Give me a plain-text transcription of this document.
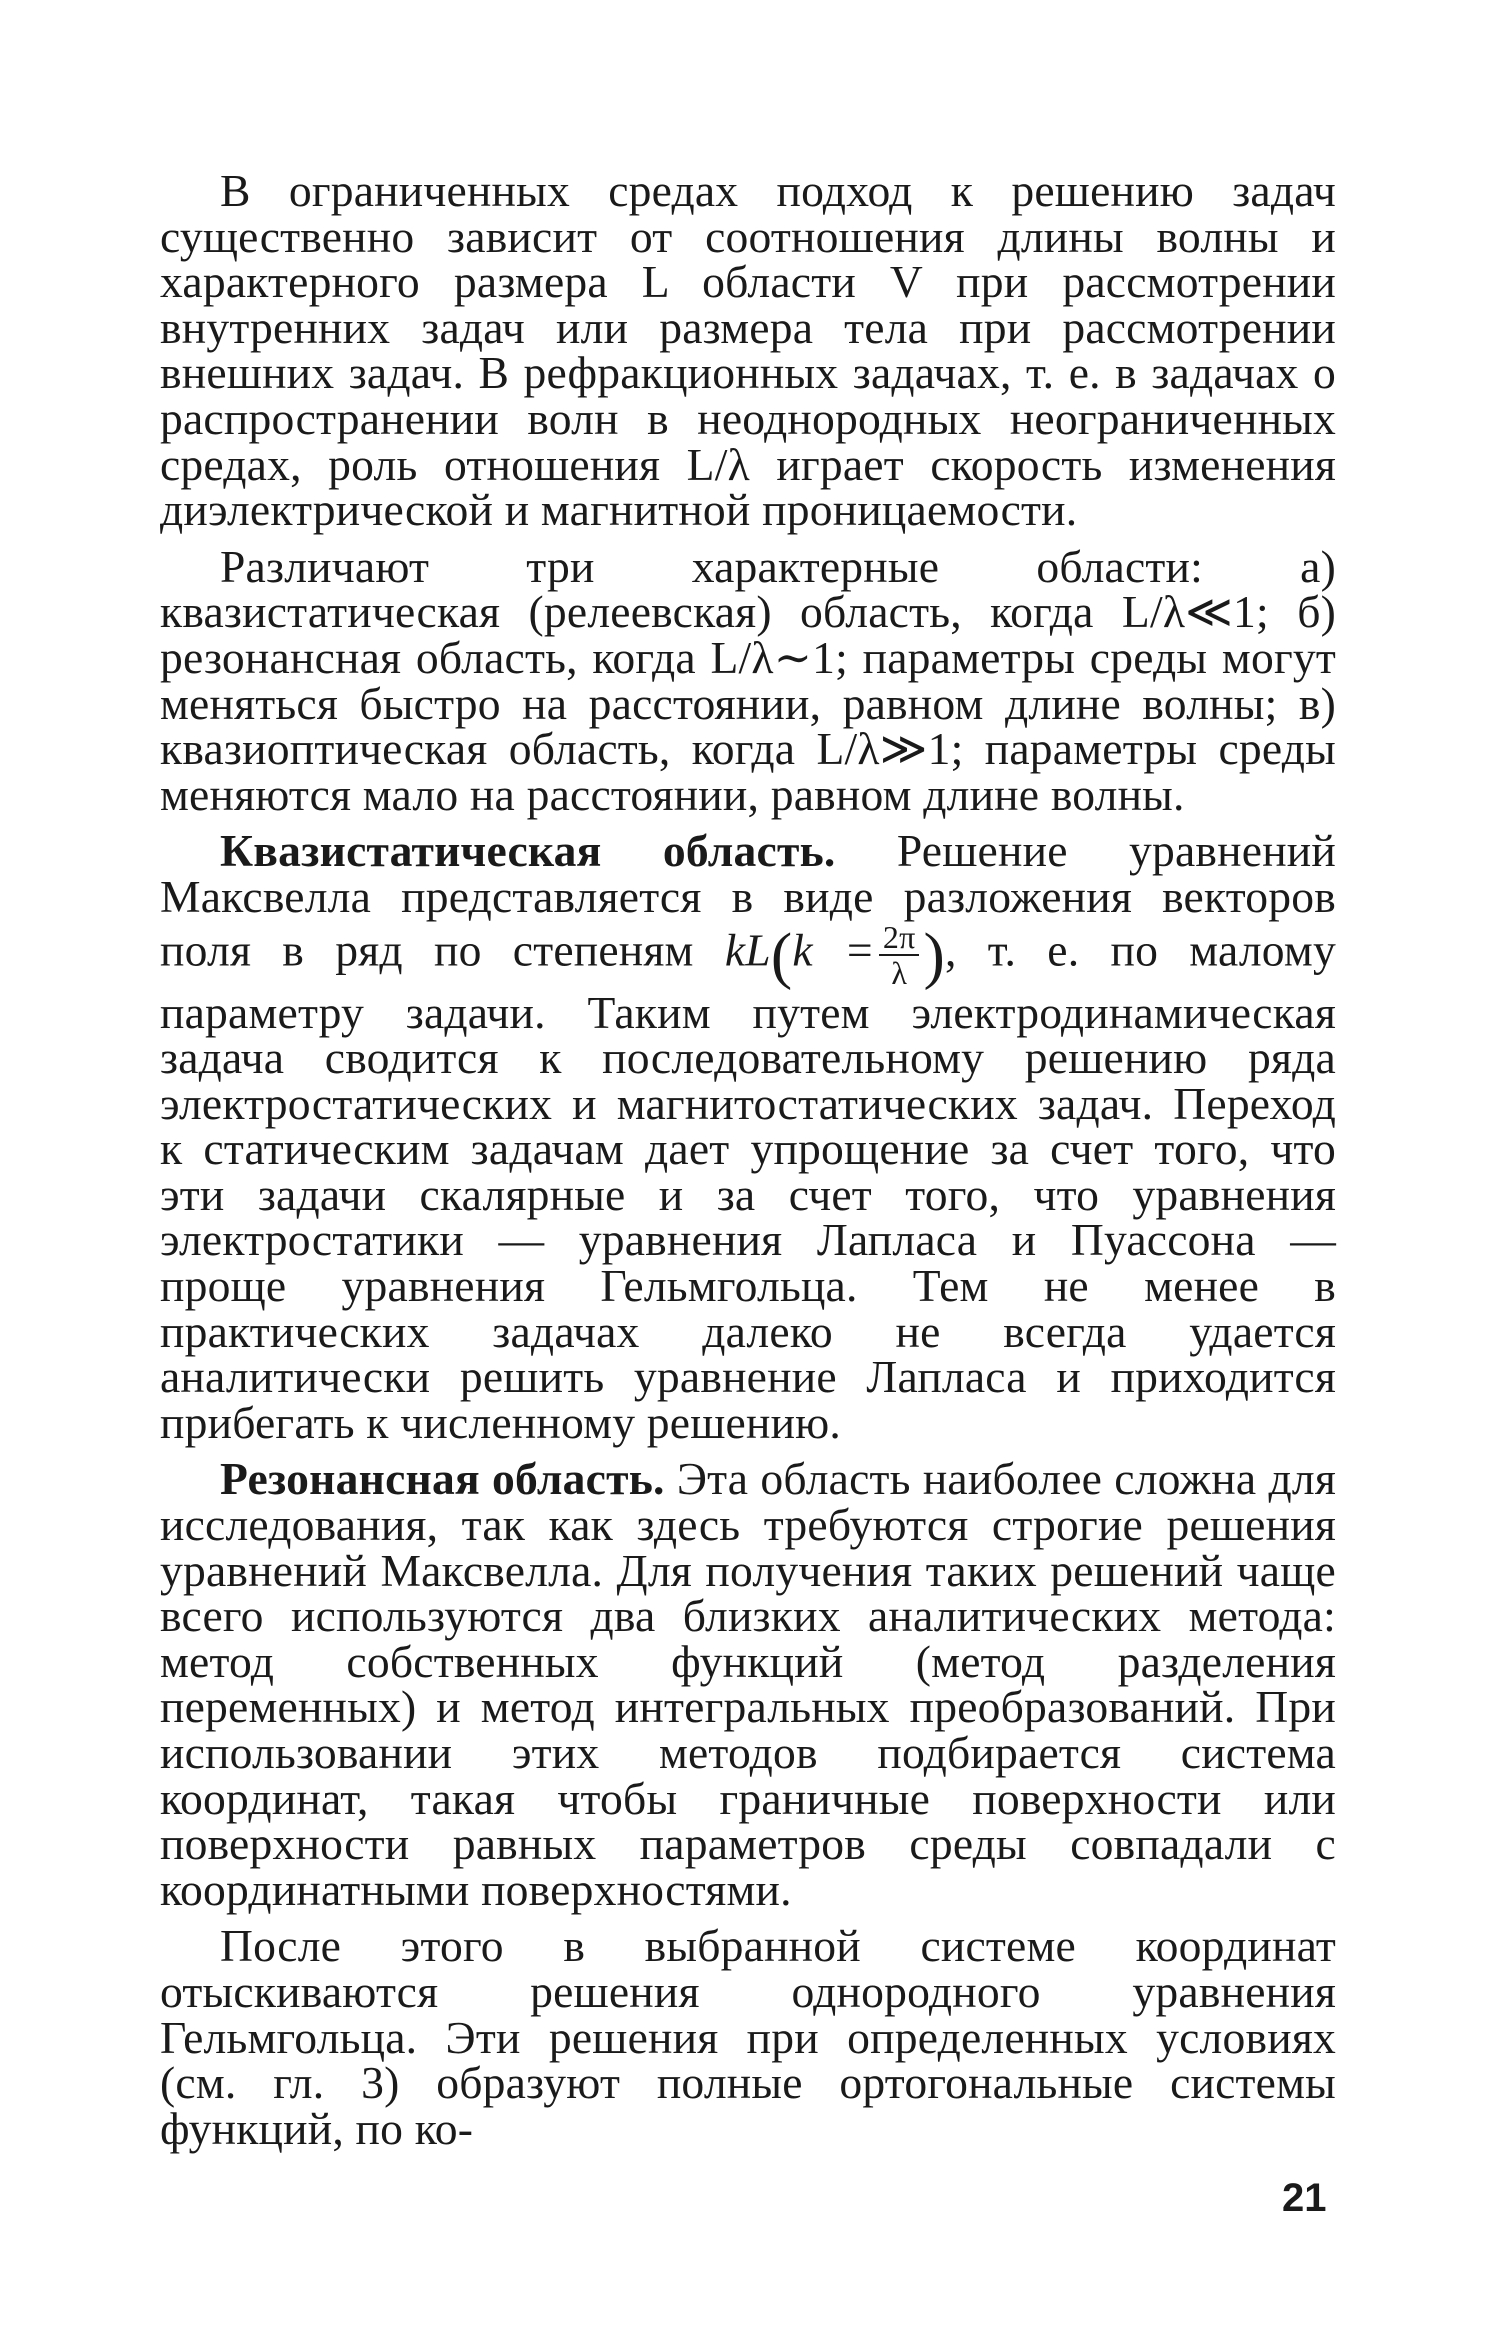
В ограниченных средах подход к решению задач существенно зависит от соотношения длины волны и характерного размера L области V при рассмотрении внутренних задач или размера тела при рассмотрении внешних задач. В рефракционных задачах, т. е. в задачах о распространении волн в неоднородных неограниченных средах, роль отношения L/λ играет скорость изменения диэлектрической и магнитной проницаемости.

Различают три характерные области: а) квазистатическая (релеевская) область, когда L/λ≪1; б) резонансная область, когда L/λ∼1; параметры среды могут меняться быстро на расстоянии, равном длине волны; в) квазиоптическая область, когда L/λ≫1; параметры среды меняются мало на расстоянии, равном длине волны.

Квазистатическая область. Решение уравнений Максвелла представляется в виде разложения векторов поля в ряд по степеням $kL(k = \frac{2\pi}{\lambda}$ ), т. е. по малому параметру задачи. Таким путем электродинамическая задача сводится к последовательному решению ряда электростатических и магнитостатических задач. Переход к статическим задачам дает упрощение за счет того, что эти задачи скалярные и за счет того, что уравнения электростатики — уравнения Лапласа и Пуассона — проще уравнения Гельмгольца. Тем не менее в практических задачах далеко не всегда удается аналитически решить уравнение Лапласа и приходится прибегать к численному решению.

Резонансная область. Эта область наиболее сложна для исследования, так как здесь требуются строгие решения уравнений Максвелла. Для получения таких решений чаще всего используются два близких аналитических метода: метод собственных функций (метод разделения переменных) и метод интегральных преобразований. При использовании этих методов подбирается система координат, такая чтобы граничные поверхности или поверхности равных параметров среды совпадали с координатными поверхностями.

После этого в выбранной системе координат отыскиваются решения однородного уравнения Гельмгольца. Эти решения при определенных условиях (см. гл. 3) образуют полные ортогональные системы функций, по ко-

21
